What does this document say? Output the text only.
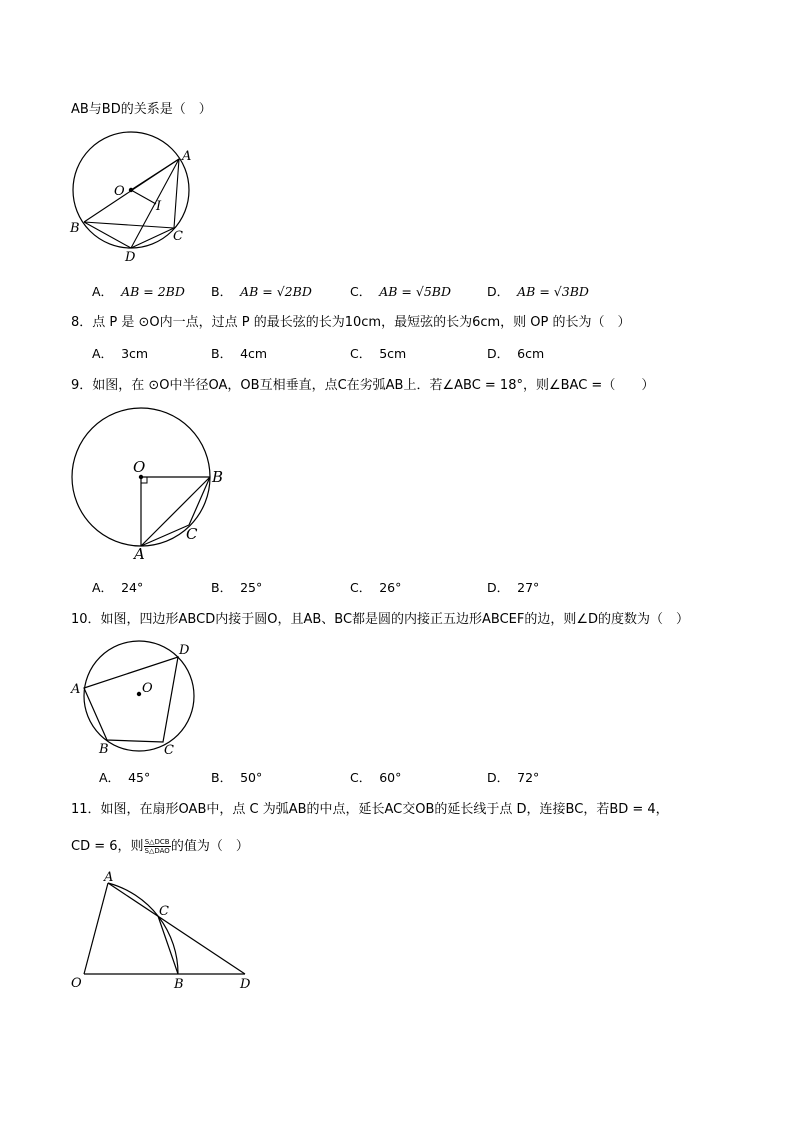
AB与BD的关系是（　）
O
A
I
B
C
D
A． AB = 2BD B． AB = √2BD	C． AB = √5BD	D． AB = √3BD
8．点 P 是 ⊙O内一点，过点 P 的最长弦的长为10cm，最短弦的长为6cm，则 OP 的长为（　）
A． 3cm	B． 4cm	C． 5cm	D． 6cm
9．如图，在 ⊙O中半径OA，OB互相垂直，点C在劣弧AB上．若∠ABC = 18°，则∠BAC =（　　）
O
B
A
C
A． 24°	B． 25°	C． 26°	D． 27°
10．如图，四边形ABCD内接于圆O，且AB、BC都是圆的内接正五边形ABCEF的边，则∠D的度数为（　）
D
A	O
B	C
A． 45°	B． 50°	C． 60°	D． 72°
11．如图，在扇形OAB中，点 C 为弧AB的中点，延长AC交OB的延长线于点 D，连接BC，若BD = 4，
CD = 6，则 $\frac{\text{S△DCB}}{\text{S△DAO}}$ 的值为（　）
A
C
O	B	D
